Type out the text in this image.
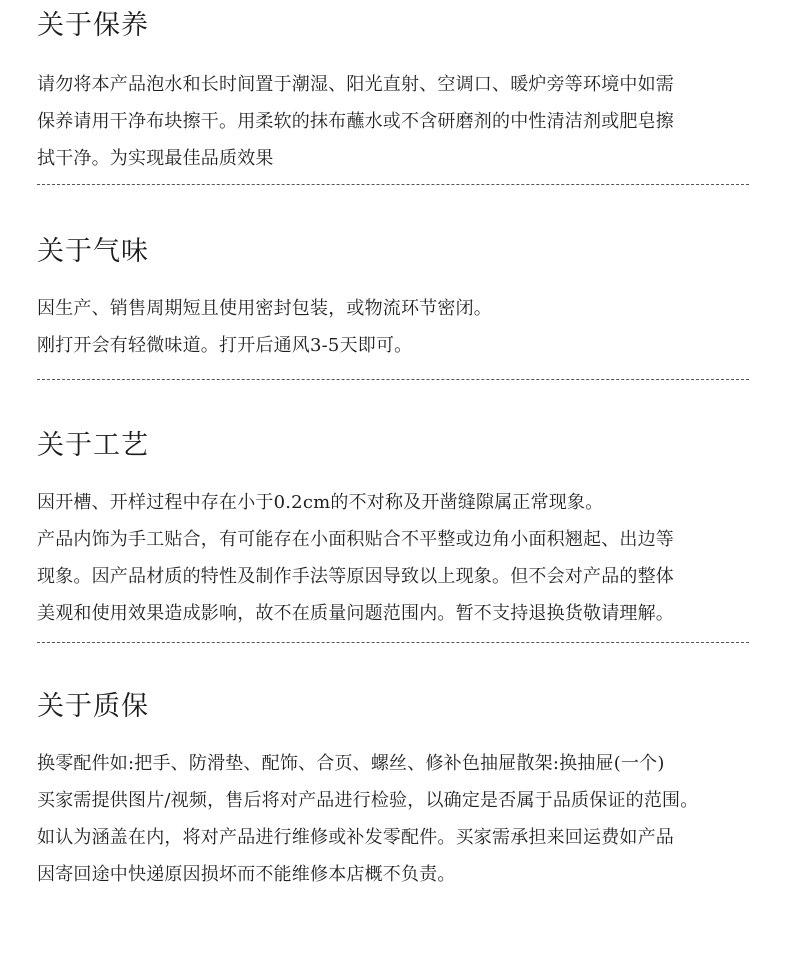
关于保养

请勿将本产品泡水和长时间置于潮湿、阳光直射、空调口、暖炉旁等环境中如需

保养请用干净布块擦干。用柔软的抹布蘸水或不含研磨剂的中性清洁剂或肥皂擦

拭干净。为实现最佳品质效果

关于气味

因生产、销售周期短且使用密封包装，或物流环节密闭。

刚打开会有轻微味道。打开后通风3-5天即可。

关于工艺

因开槽、开样过程中存在小于0.2cm的不对称及开凿缝隙属正常现象。

产品内饰为手工贴合，有可能存在小面积贴合不平整或边角小面积翘起、出边等

现象。因产品材质的特性及制作手法等原因导致以上现象。但不会对产品的整体

美观和使用效果造成影响，故不在质量问题范围内。暂不支持退换货敬请理解。

关于质保

换零配件如:把手、防滑垫、配饰、合页、螺丝、修补色抽屉散架:换抽屉(一个)

买家需提供图片/视频，售后将对产品进行检验，以确定是否属于品质保证的范围。

如认为涵盖在内，将对产品进行维修或补发零配件。买家需承担来回运费如产品

因寄回途中快递原因损坏而不能维修本店概不负责。
